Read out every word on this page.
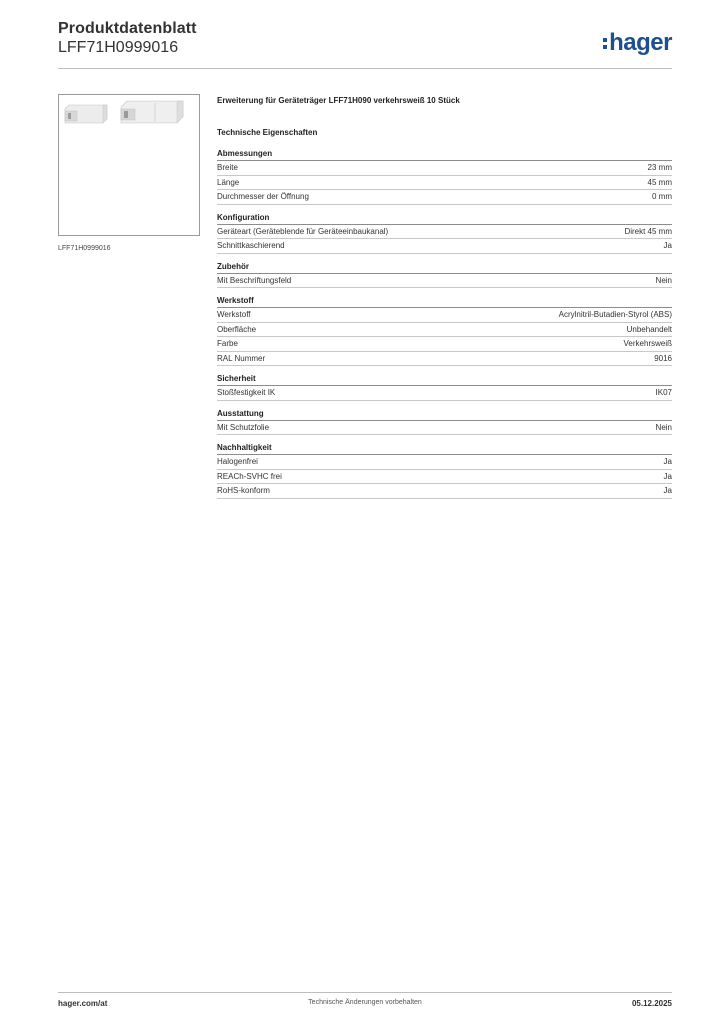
Produktdatenblatt
LFF71H0999016	hager
LFF71H0999016
Erweiterung für Geräteträger LFF71H090 verkehrsweiß 10 Stück
Technische Eigenschaften
Abmessungen
Breite	23 mm
Länge	45 mm
Durchmesser der Öffnung	0 mm
Konfiguration
Geräteart (Geräteblende für Geräteeinbaukanal)	Direkt 45 mm
Schnittkaschierend	Ja
Zubehör
Mit Beschriftungsfeld	Nein
Werkstoff
Werkstoff	Acrylnitril-Butadien-Styrol (ABS)
Oberfläche	Unbehandelt
Farbe	Verkehrsweiß
RAL Nummer	9016
Sicherheit
Stoßfestigkeit IK	IK07
Ausstattung
Mit Schutzfolie	Nein
Nachhaltigkeit
Halogenfrei	Ja
REACh-SVHC frei	Ja
RoHS-konform	Ja
hager.com/at	Technische Änderungen vorbehalten	05.12.2025
